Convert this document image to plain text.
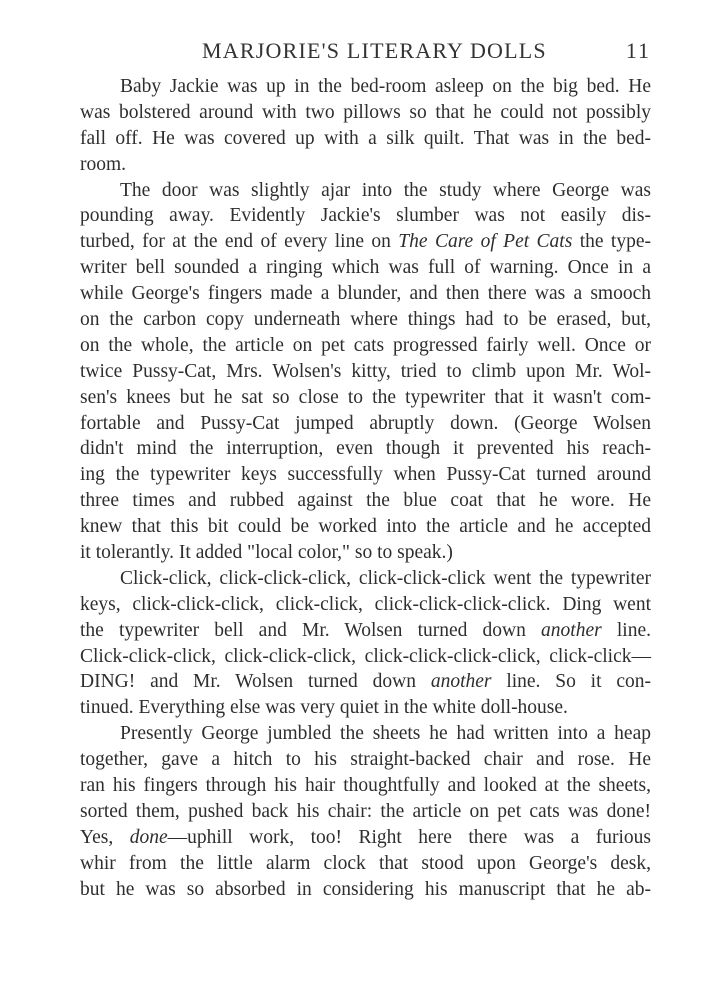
MARJORIE'S LITERARY DOLLS	11
Baby Jackie was up in the bed-room asleep on the big bed. He
was bolstered around with two pillows so that he could not possibly
fall off. He was covered up with a silk quilt. That was in the bed-
room.
The door was slightly ajar into the study where George was
pounding away. Evidently Jackie's slumber was not easily dis-
turbed, for at the end of every line on The Care of Pet Cats the type-
writer bell sounded a ringing which was full of warning. Once in a
while George's fingers made a blunder, and then there was a smooch
on the carbon copy underneath where things had to be erased, but,
on the whole, the article on pet cats progressed fairly well. Once or
twice Pussy-Cat, Mrs. Wolsen's kitty, tried to climb upon Mr. Wol-
sen's knees but he sat so close to the typewriter that it wasn't com-
fortable and Pussy-Cat jumped abruptly down. (George Wolsen
didn't mind the interruption, even though it prevented his reach-
ing the typewriter keys successfully when Pussy-Cat turned around
three times and rubbed against the blue coat that he wore. He
knew that this bit could be worked into the article and he accepted
it tolerantly. It added "local color," so to speak.)
Click-click, click-click-click, click-click-click went the typewriter
keys, click-click-click, click-click, click-click-click-click. Ding went
the typewriter bell and Mr. Wolsen turned down another line.
Click-click-click, click-click-click, click-click-click-click, click-click—
DING! and Mr. Wolsen turned down another line. So it con-
tinued. Everything else was very quiet in the white doll-house.
Presently George jumbled the sheets he had written into a heap
together, gave a hitch to his straight-backed chair and rose. He
ran his fingers through his hair thoughtfully and looked at the sheets,
sorted them, pushed back his chair: the article on pet cats was done!
Yes, done—uphill work, too! Right here there was a furious
whir from the little alarm clock that stood upon George's desk,
but he was so absorbed in considering his manuscript that he ab-
